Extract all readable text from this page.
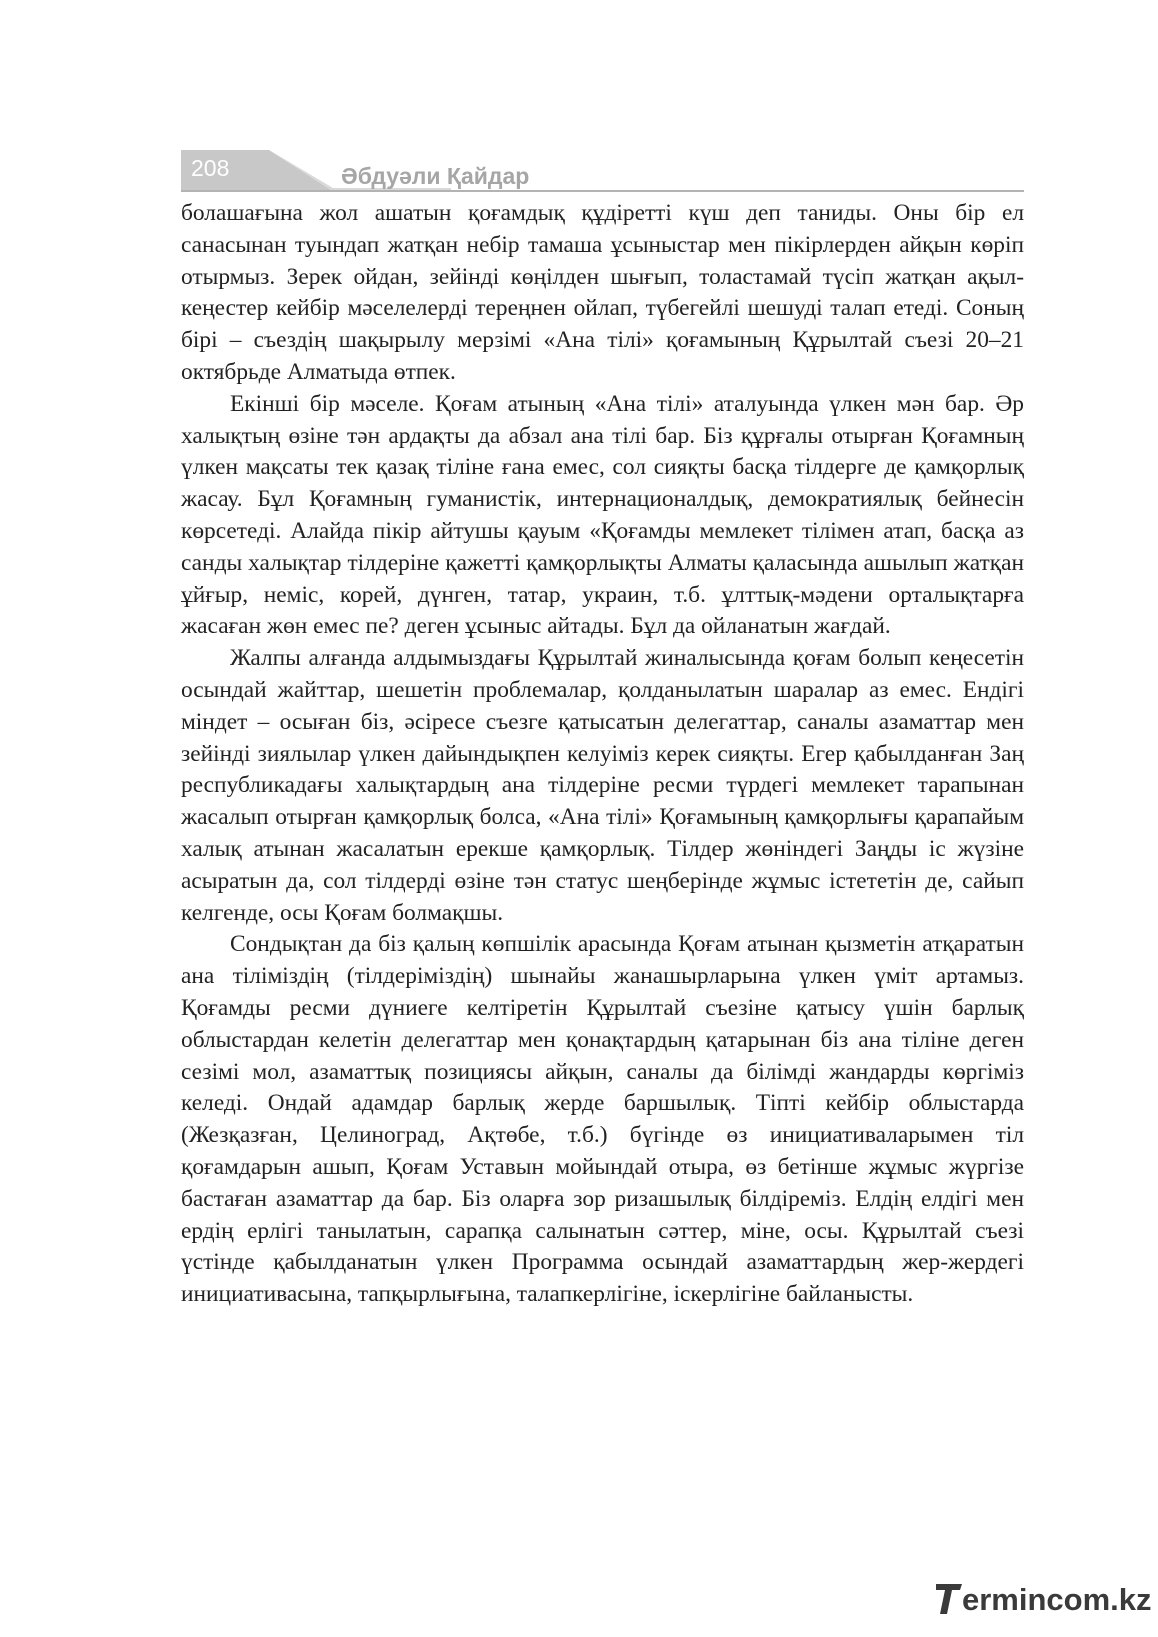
208	Әбдуәли Қайдар

болашағына жол ашатын қоғамдық құдіретті күш деп таниды. Оны бір ел санасынан туындап жатқан небір тамаша ұсыныстар мен пікірлерден айқын көріп отырмыз. Зерек ойдан, зейінді көңілден шығып, толастамай түсіп жатқан ақыл-кеңестер кейбір мәселелерді тереңнен ойлап, түбегейлі шешуді талап етеді. Соның бірі – съездің шақырылу мерзімі «Ана тілі» қоғамының Құрылтай съезі 20–21 октябрьде Алматыда өтпек.

Екінші бір мәселе. Қоғам атының «Ана тілі» аталуында үлкен мән бар. Әр халықтың өзіне тән ардақты да абзал ана тілі бар. Біз құрғалы отырған Қоғамның үлкен мақсаты тек қазақ тіліне ғана емес, сол сияқты басқа тілдерге де қамқорлық жасау. Бұл Қоғамның гуманистік, интернационалдық, демократиялық бейнесін көрсетеді. Алайда пікір айтушы қауым «Қоғамды мемлекет тілімен атап, басқа аз санды халықтар тілдеріне қажетті қамқорлықты Алматы қаласында ашылып жатқан ұйғыр, неміс, корей, дүнген, татар, украин, т.б. ұлттық-мәдени орталықтарға жасаған жөн емес пе? деген ұсыныс айтады. Бұл да ойланатын жағдай.

Жалпы алғанда алдымыздағы Құрылтай жиналысында қоғам болып кеңесетін осындай жайттар, шешетін проблемалар, қолданылатын шаралар аз емес. Ендігі міндет – осыған біз, әсіресе съезге қатысатын делегаттар, саналы азаматтар мен зейінді зиялылар үлкен дайындықпен келуіміз керек сияқты. Егер қабылданған Заң республикадағы халықтардың ана тілдеріне ресми түрдегі мемлекет тарапынан жасалып отырған қамқорлық болса, «Ана тілі» Қоғамының қамқорлығы қарапайым халық атынан жасалатын ерекше қамқорлық. Тілдер жөніндегі Заңды іс жүзіне асыратын да, сол тілдерді өзіне тән статус шеңберінде жұмыс істететін де, сайып келгенде, осы Қоғам болмақшы.

Сондықтан да біз қалың көпшілік арасында Қоғам атынан қызметін атқаратын ана тіліміздің (тілдеріміздің) шынайы жанашырларына үлкен үміт артамыз. Қоғамды ресми дүниеге келтіретін Құрылтай съезіне қатысу үшін барлық облыстардан келетін делегаттар мен қонақтардың қатарынан біз ана тіліне деген сезімі мол, азаматтық позициясы айқын, саналы да білімді жандарды көргіміз келеді. Ондай адамдар барлық жерде баршылық. Тіпті кейбір облыстарда (Жезқазған, Целиноград, Ақтөбе, т.б.) бүгінде өз инициативаларымен тіл қоғамдарын ашып, Қоғам Уставын мойындай отыра, өз бетінше жұмыс жүргізе бастаған азаматтар да бар. Біз оларға зор ризашылық білдіреміз. Елдің елдігі мен ердің ерлігі танылатын, сарапқа салынатын сәттер, міне, осы. Құрылтай съезі үстінде қабылданатын үлкен Программа осындай азаматтардың жер-жердегі инициативасына, тапқырлығына, талапкерлігіне, іскерлігіне байланысты.

ermincom.kz
